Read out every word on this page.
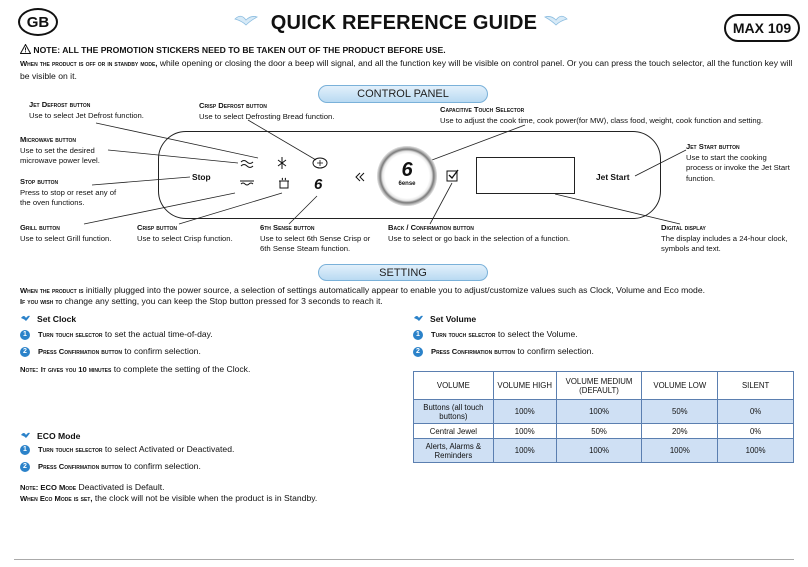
GB	QUICK REFERENCE GUIDE	MAX 109
NOTE: ALL THE PROMOTION STICKERS NEED TO BE TAKEN OUT OF THE PRODUCT BEFORE USE.
When the product is off or in standby mode, while opening or closing the door a beep will signal, and all the function key will be visible on control panel. Or you can press the touch selector, all the function key will be visible on it.
CONTROL PANEL
Stop	6
6
6ense
Jet Start
Jet Defrost button
Use to select Jet Defrost function.
Crisp Defrost button
Use to select Defrosting Bread function.
Capacitive Touch Selector
Use to adjust the cook time, cook power(for MW), class food, weight, cook function and setting.
Microwave button
Use to set the desired microwave power level.
Jet Start button
Use to start the cooking process or invoke the Jet Start function.
Stop button
Press to stop or reset any of the oven functions.
Grill button
Use to select Grill function.
Crisp button
Use to select Crisp function.
6th Sense button
Use to select 6th Sense Crisp or 6th Sense Steam function.
Back / Confirmation button
Use to select or go back in the selection of a function.
Digital display
The display includes a 24-hour clock, symbols and text.
SETTING
When the product is initially plugged into the power source, a selection of settings automatically appear to enable you to adjust/customize values such as Clock, Volume and Eco mode.
If you wish to change any setting, you can keep the Stop button pressed for 3 seconds to reach it.
Set Clock
1 Turn touch selector to set the actual time-of-day.
2 Press Confirmation button to confirm selection.
Note: It gives you 10 minutes to complete the setting of the Clock.
ECO Mode
1 Turn touch selector to select Activated or Deactivated.
2 Press Confirmation button to confirm selection.
Note: ECO Mode Deactivated is Default.
When Eco Mode is set, the clock will not be visible when the product is in Standby.
Set Volume
1 Turn touch selector to select the Volume.
2 Press Confirmation button to confirm selection.
VOLUME	VOLUME HIGH	VOLUME MEDIUM (DEFAULT)	VOLUME LOW	SILENT
Buttons (all touch buttons)	100%	100%	50%	0%
Central Jewel	100%	50%	20%	0%
Alerts, Alarms & Reminders	100%	100%	100%	100%
